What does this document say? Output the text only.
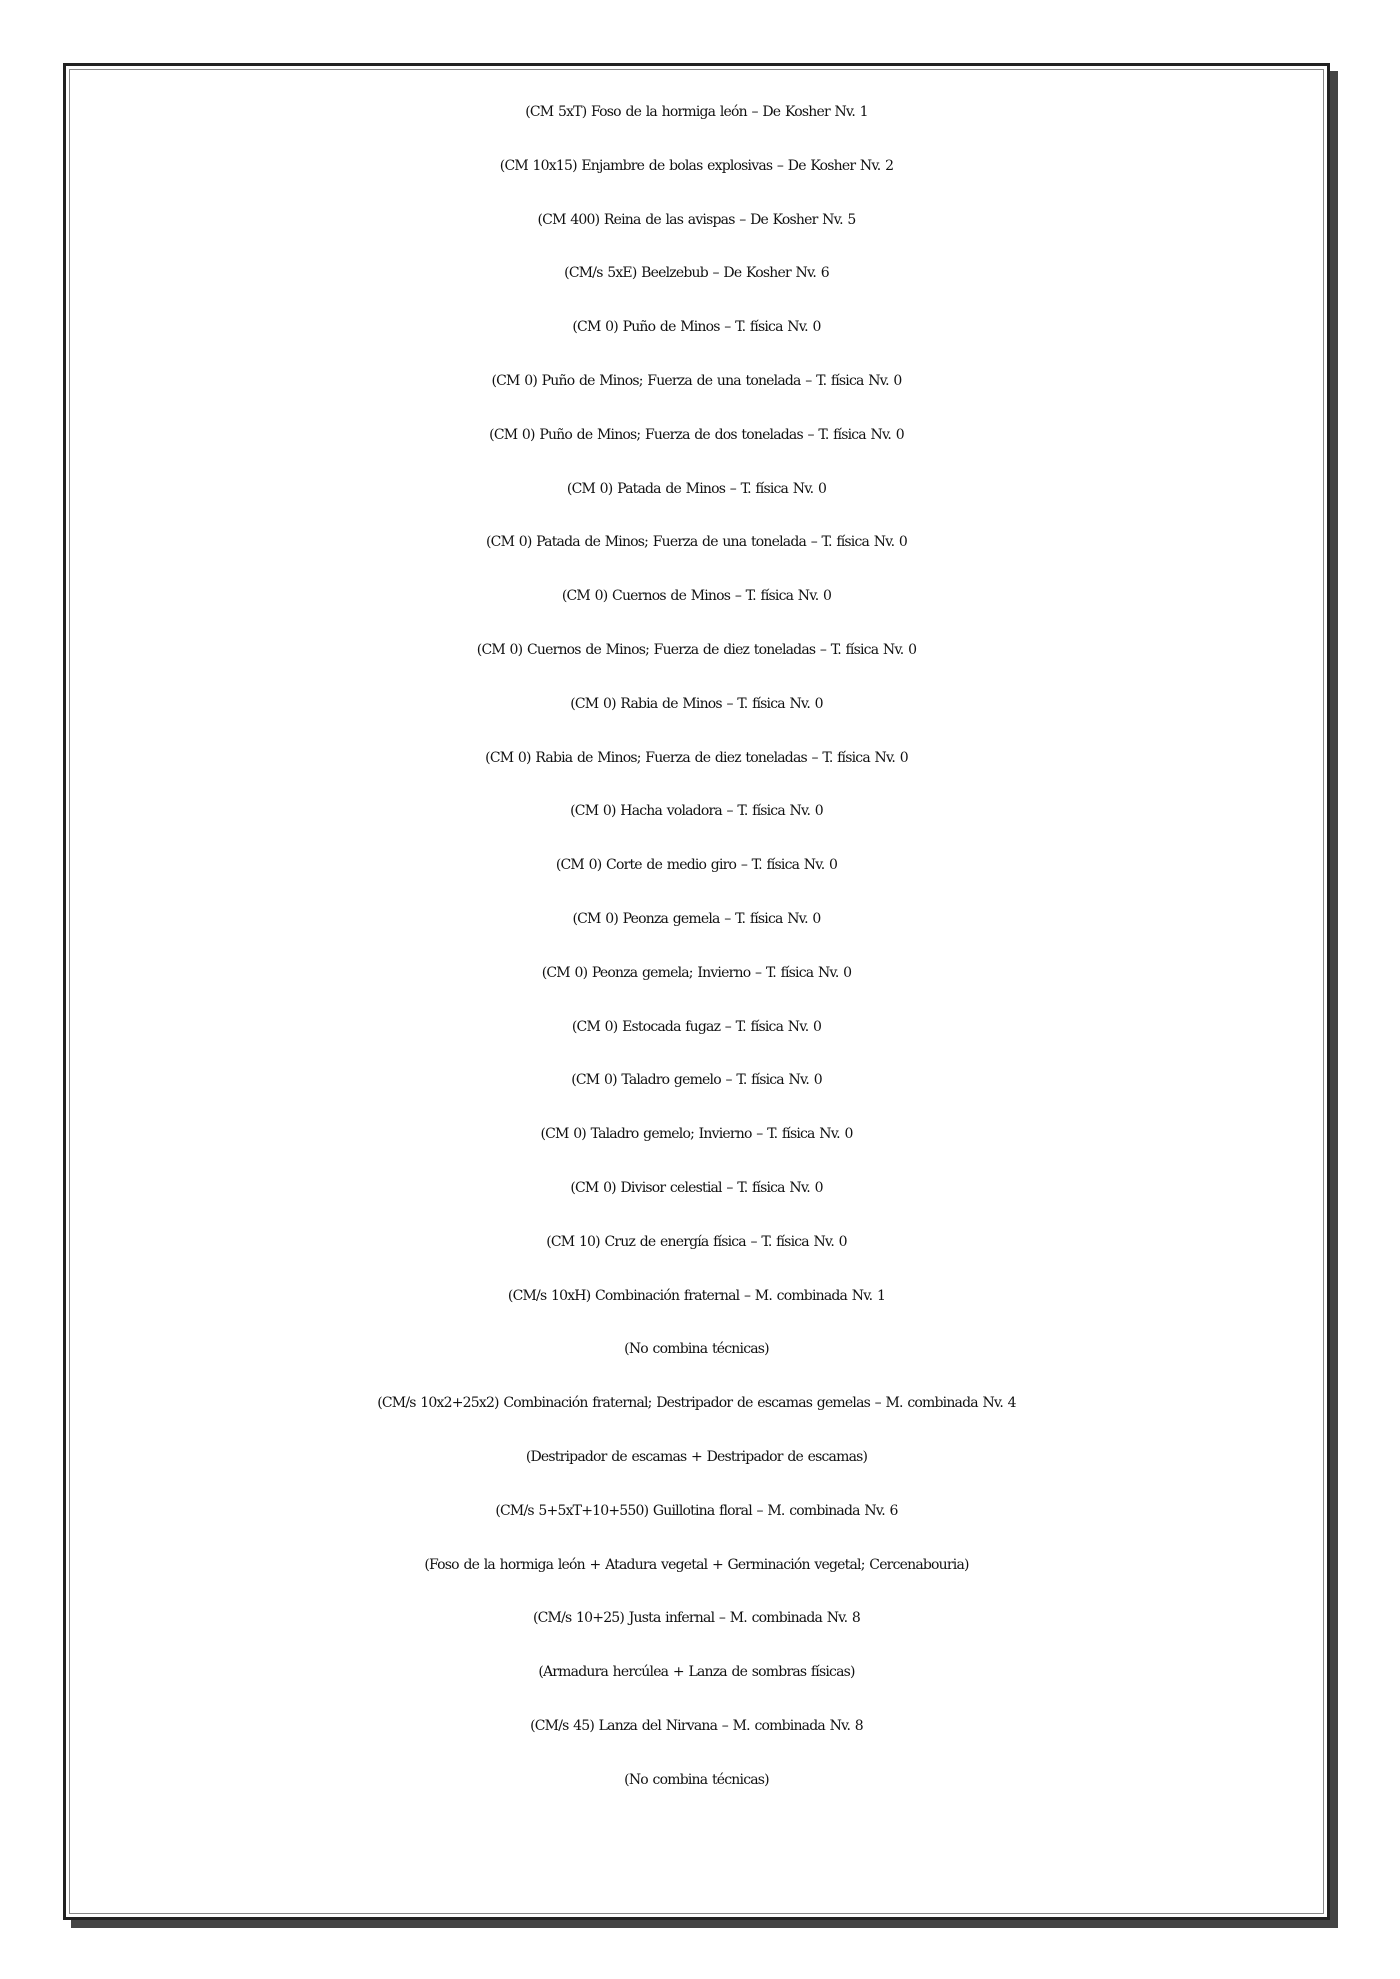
(CM 5xT) Foso de la hormiga león – De Kosher Nv. 1
(CM 10x15) Enjambre de bolas explosivas – De Kosher Nv. 2
(CM 400) Reina de las avispas – De Kosher Nv. 5
(CM/s 5xE) Beelzebub – De Kosher Nv. 6
(CM 0) Puño de Minos – T. física Nv. 0
(CM 0) Puño de Minos; Fuerza de una tonelada – T. física Nv. 0
(CM 0) Puño de Minos; Fuerza de dos toneladas – T. física Nv. 0
(CM 0) Patada de Minos – T. física Nv. 0
(CM 0) Patada de Minos; Fuerza de una tonelada – T. física Nv. 0
(CM 0) Cuernos de Minos – T. física Nv. 0
(CM 0) Cuernos de Minos; Fuerza de diez toneladas – T. física Nv. 0
(CM 0) Rabia de Minos – T. física Nv. 0
(CM 0) Rabia de Minos; Fuerza de diez toneladas – T. física Nv. 0
(CM 0) Hacha voladora – T. física Nv. 0
(CM 0) Corte de medio giro – T. física Nv. 0
(CM 0) Peonza gemela – T. física Nv. 0
(CM 0) Peonza gemela; Invierno – T. física Nv. 0
(CM 0) Estocada fugaz – T. física Nv. 0
(CM 0) Taladro gemelo – T. física Nv. 0
(CM 0) Taladro gemelo; Invierno – T. física Nv. 0
(CM 0) Divisor celestial – T. física Nv. 0
(CM 10) Cruz de energía física – T. física Nv. 0
(CM/s 10xH) Combinación fraternal – M. combinada Nv. 1
(No combina técnicas)
(CM/s 10x2+25x2) Combinación fraternal; Destripador de escamas gemelas – M. combinada Nv. 4
(Destripador de escamas + Destripador de escamas)
(CM/s 5+5xT+10+550) Guillotina floral – M. combinada Nv. 6
(Foso de la hormiga león + Atadura vegetal + Germinación vegetal; Cercenabouria)
(CM/s 10+25) Justa infernal – M. combinada Nv. 8
(Armadura hercúlea + Lanza de sombras físicas)
(CM/s 45) Lanza del Nirvana – M. combinada Nv. 8
(No combina técnicas)
